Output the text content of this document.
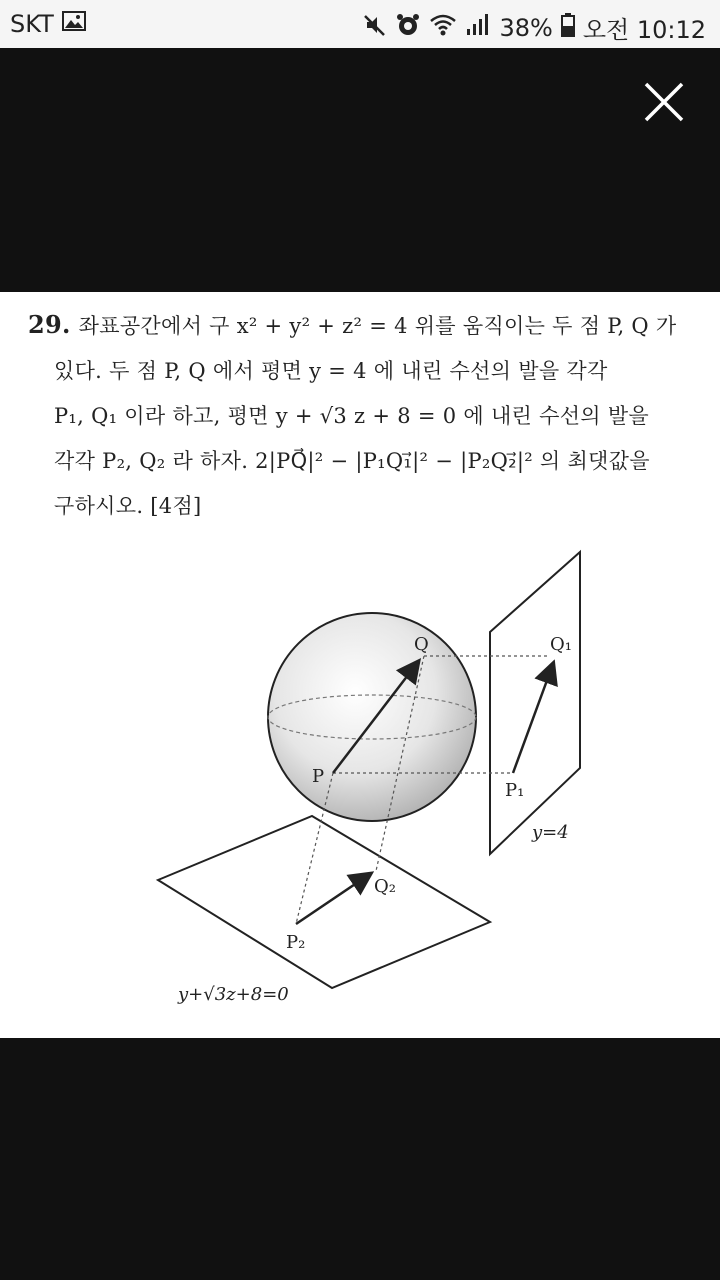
SKT	38% 오전 10:12
29. 좌표공간에서 구 x² + y² + z² = 4 위를 움직이는 두 점 P, Q 가
있다. 두 점 P, Q 에서 평면 y = 4 에 내린 수선의 발을 각각
P₁, Q₁ 이라 하고, 평면 y + √3 z + 8 = 0 에 내린 수선의 발을
각각 P₂, Q₂ 라 하자. 2|PQ⃗|² − |P₁Q₁⃗|² − |P₂Q₂⃗|² 의 최댓값을
구하시오. [4점]
Q
P
Q₁
P₁
Q₂
P₂
y=4
y+√3z+8=0
